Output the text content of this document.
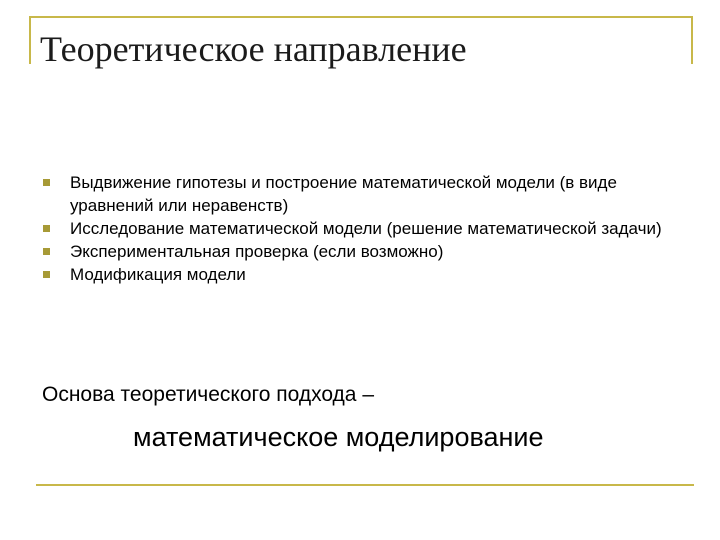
Теоретическое направление
Выдвижение гипотезы и построение математической модели (в виде уравнений или неравенств)
Исследование математической модели (решение математической задачи)
Экспериментальная проверка (если возможно)
Модификация модели
Основа теоретического подхода –
математическое моделирование
